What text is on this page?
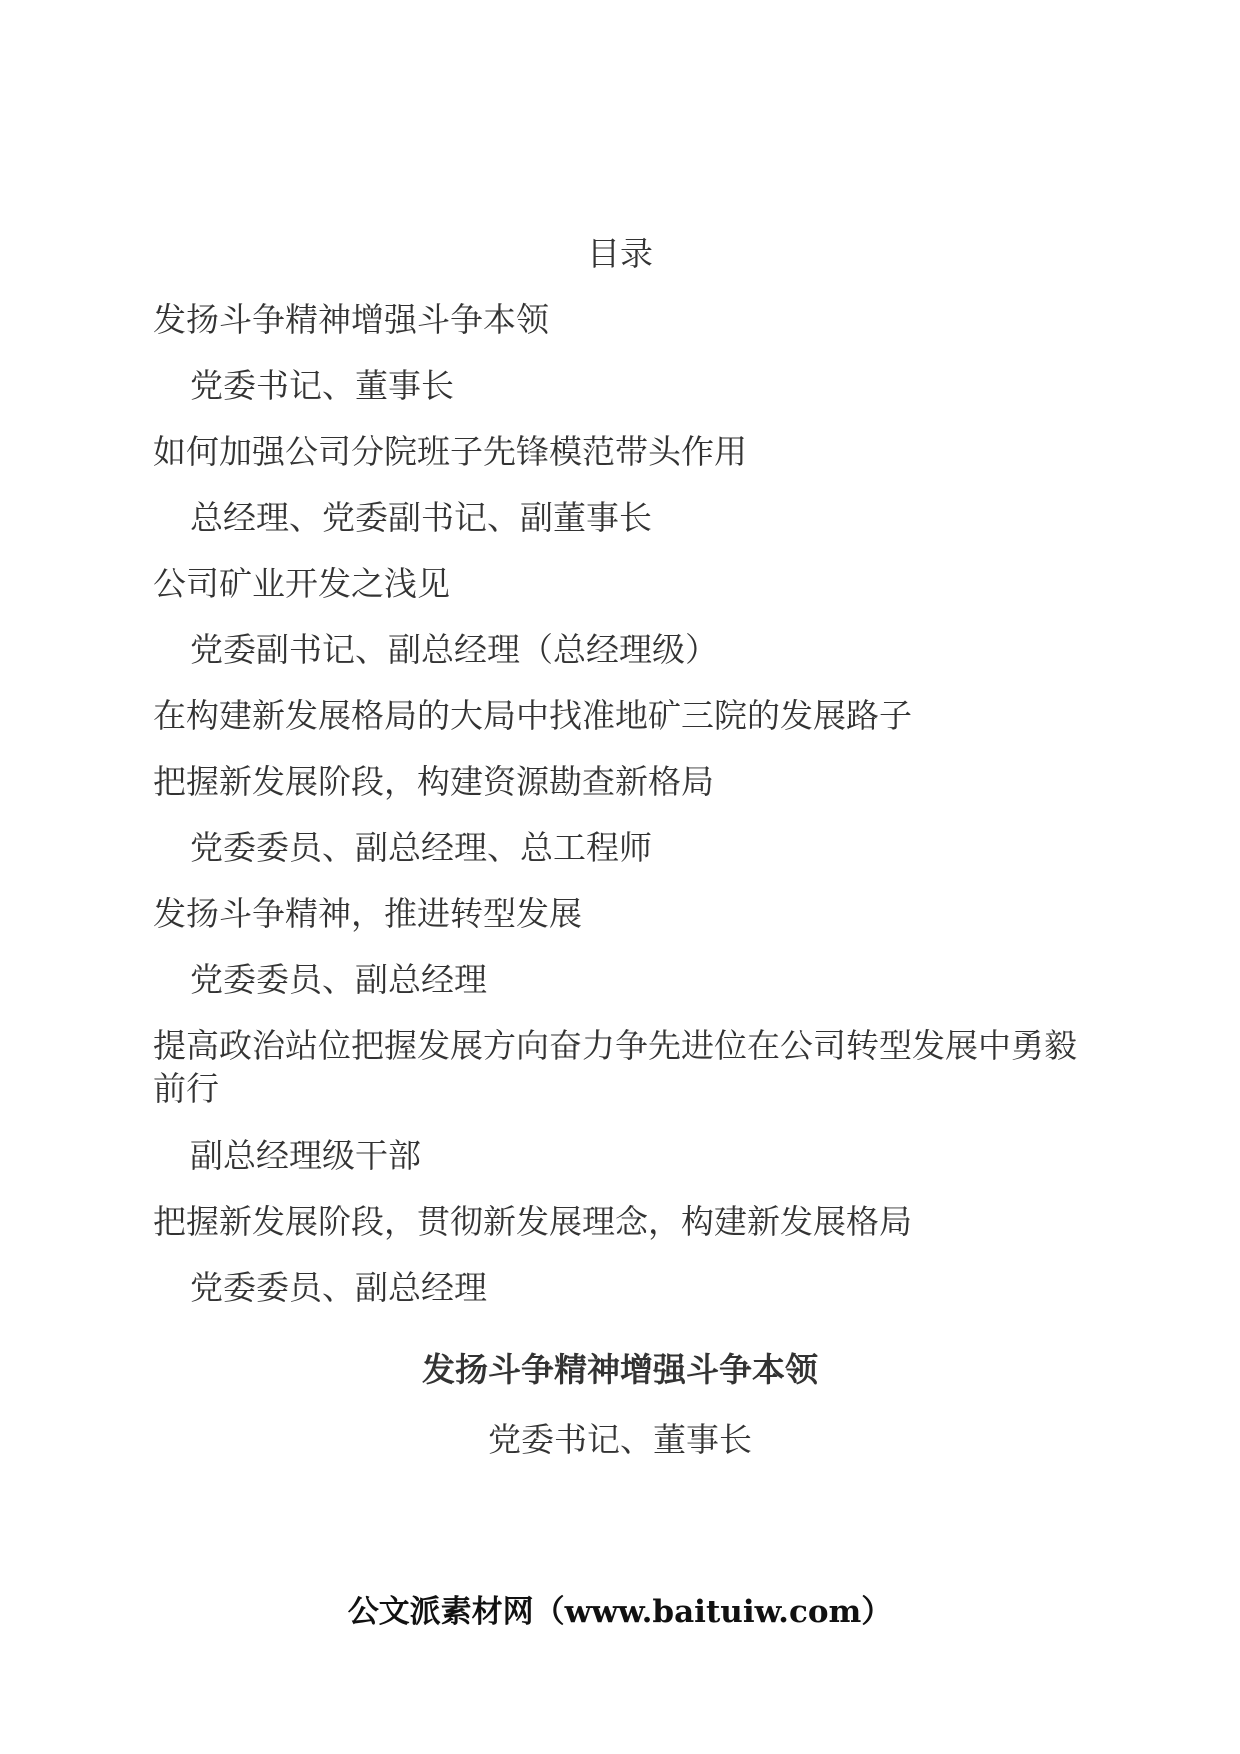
目录
发扬斗争精神增强斗争本领
党委书记、董事长
如何加强公司分院班子先锋模范带头作用
总经理、党委副书记、副董事长
公司矿业开发之浅见
党委副书记、副总经理（总经理级）
在构建新发展格局的大局中找准地矿三院的发展路子
把握新发展阶段，构建资源勘查新格局
党委委员、副总经理、总工程师
发扬斗争精神，推进转型发展
党委委员、副总经理
提高政治站位把握发展方向奋力争先进位在公司转型发展中勇毅前行
副总经理级干部
把握新发展阶段，贯彻新发展理念，构建新发展格局
党委委员、副总经理
发扬斗争精神增强斗争本领
党委书记、董事长
公文派素材网（www.baituiw.com）
